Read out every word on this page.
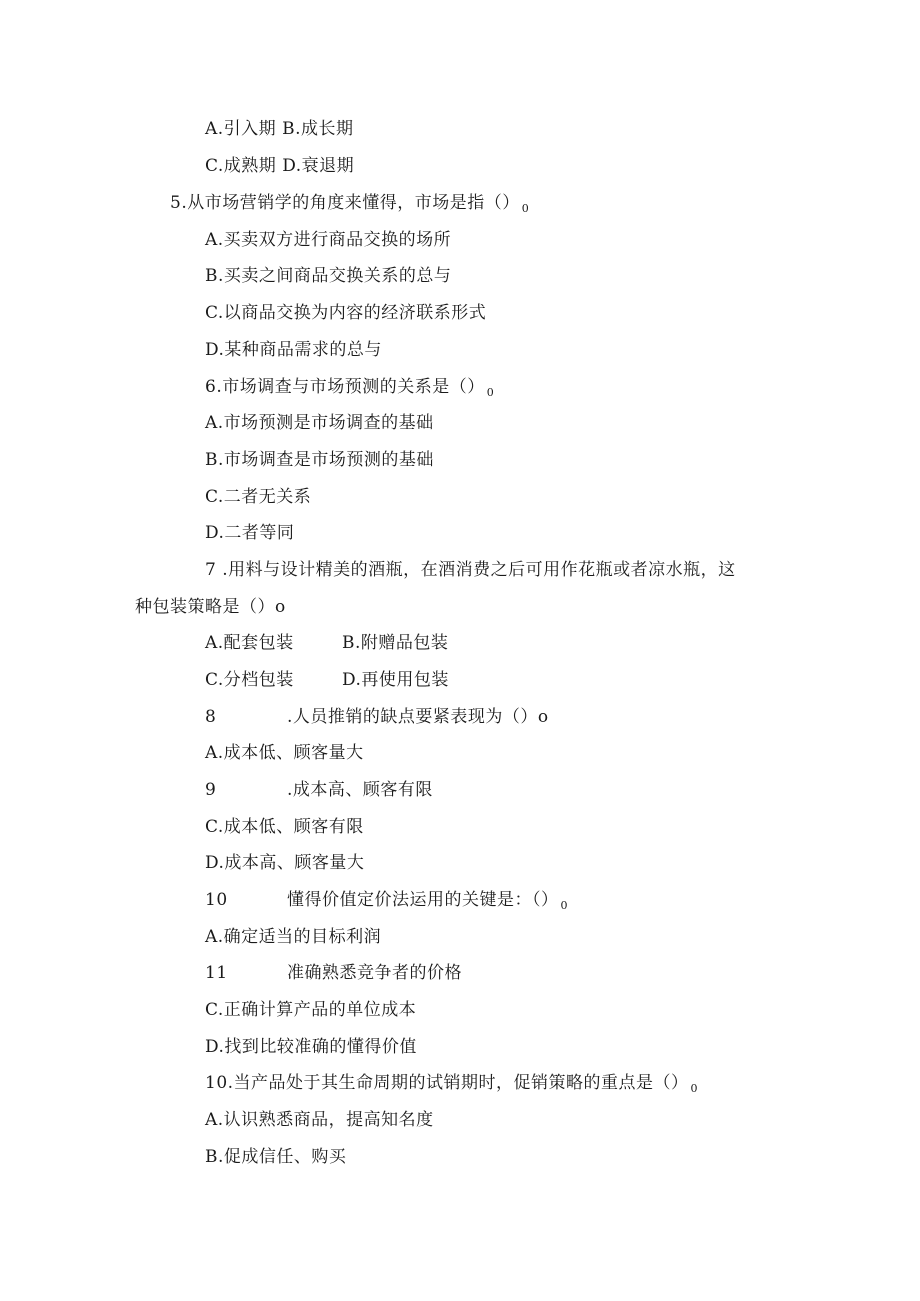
A.引入期 B.成长期
C.成熟期 D.衰退期
5.从市场营销学的角度来懂得，市场是指（） $_0$
A.买卖双方进行商品交换的场所
B.买卖之间商品交换关系的总与
C.以商品交换为内容的经济联系形式
D.某种商品需求的总与
6.市场调查与市场预测的关系是（） $_0$
A.市场预测是市场调查的基础
B.市场调查是市场预测的基础
C.二者无关系
D.二者等同
7 .用料与设计精美的酒瓶，在酒消费之后可用作花瓶或者凉水瓶，这
种包装策略是（）o
A.配套包装	B.附赠品包装
C.分档包装	D.再使用包装
8	.人员推销的缺点要紧表现为（）o
A.成本低、顾客量大
9	.成本高、顾客有限
C.成本低、顾客有限
D.成本高、顾客量大
10	懂得价值定价法运用的关键是：（） $_0$
A.确定适当的目标利润
11	准确熟悉竞争者的价格
C.正确计算产品的单位成本
D.找到比较准确的懂得价值
10.当产品处于其生命周期的试销期时，促销策略的重点是（） $_0$
A.认识熟悉商品，提高知名度
B.促成信任、购买
